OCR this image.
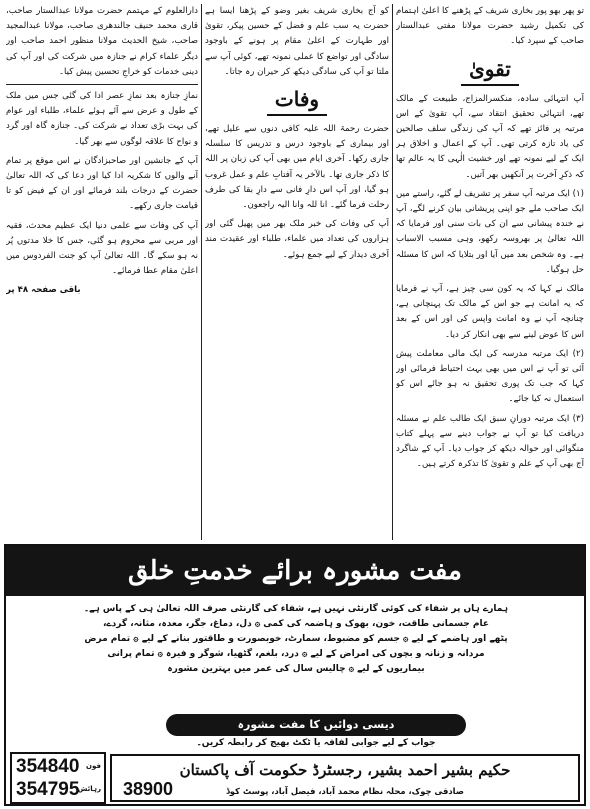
تو پھر بھو پور بخاری شریف کے پڑھنے کا اعلیٰ اہتمام کی تکمیل رشید حضرت مولانا مفتی عبدالستار صاحب کے سپرد کیا۔

تقویٰ

آپ انتہائی سادہ، منکسرالمزاج، طبیعت کے مالک تھے، انتہائی تحقیق انتقاد سے، آپ تقویٰ کے اس مرتبہ پر فائز تھے کہ آپ کی زندگی سلف صالحین کی یاد تازہ کرتی تھی۔ آپ کے اعمال و اخلاق ہر ایک کے لیے نمونہ تھے اور خشیت الٰہی کا یہ عالم تھا کہ ذکرِ آخرت پر آنکھیں بھر آتیں۔

(۱) ایک مرتبہ آپ سفر پر تشریف لے گئے، راستے میں ایک صاحب ملے جو اپنی پریشانی بیان کرنے لگے، آپ نے خندہ پیشانی سے ان کی بات سنی اور فرمایا کہ اللہ تعالیٰ پر بھروسہ رکھو، وہی مسبب الاسباب ہے۔ وہ شخص بعد میں آیا اور بتلایا کہ اس کا مسئلہ حل ہوگیا۔

مالک نے کہا کہ یہ کون سی چیز ہے، آپ نے فرمایا کہ یہ امانت ہے جو اس کے مالک تک پہنچانی ہے، چنانچہ آپ نے وہ امانت واپس کی اور اس کے بعد اس کا عوض لینے سے بھی انکار کر دیا۔

(۲) ایک مرتبہ مدرسہ کی ایک مالی معاملت پیش آئی تو آپ نے اس میں بھی بہت احتیاط فرمائی اور کہا کہ جب تک پوری تحقیق نہ ہو جائے اس کو استعمال نہ کیا جائے۔

(۳) ایک مرتبہ دورانِ سبق ایک طالب علم نے مسئلہ دریافت کیا تو آپ نے جواب دینے سے پہلے کتاب منگوائی اور حوالہ دیکھ کر جواب دیا۔ آپ کے شاگرد آج بھی آپ کے علم و تقویٰ کا تذکرہ کرتے ہیں۔

کو آج بخاری شریف بغیر وضو کے پڑھنا ایسا ہے حضرت یہ سب علم و فضل کے حسین پیکر، تقویٰ اور طہارت کے اعلیٰ مقام پر ہونے کے باوجود سادگی اور تواضع کا عملی نمونہ تھے، کوئی آپ سے ملتا تو آپ کی سادگی دیکھ کر حیران رہ جاتا۔

وفات

حضرت رحمۃ اللہ علیہ کافی دنوں سے علیل تھے، اور بیماری کے باوجود درس و تدریس کا سلسلہ جاری رکھا۔ آخری ایام میں بھی آپ کی زبان پر اللہ کا ذکر جاری تھا۔ بالآخر یہ آفتابِ علم و عمل غروب ہو گیا، اور آپ اس دارِ فانی سے دارِ بقا کی طرف رحلت فرما گئے۔ انا للہ وانا الیہ راجعون۔

آپ کی وفات کی خبر ملک بھر میں پھیل گئی اور ہزاروں کی تعداد میں علماء، طلباء اور عقیدت مند آخری دیدار کے لیے جمع ہوئے۔

دارالعلوم کے مہتمم حضرت مولانا عبدالستار صاحب، قاری محمد حنیف جالندھری صاحب، مولانا عبدالمجید صاحب، شیخ الحدیث مولانا منظور احمد صاحب اور دیگر علماء کرام نے جنازہ میں شرکت کی اور آپ کی دینی خدمات کو خراجِ تحسین پیش کیا۔

نمازِ جنازہ بعد نمازِ عصر ادا کی گئی جس میں ملک کے طول و عرض سے آئے ہوئے علماء، طلباء اور عوام کی بہت بڑی تعداد نے شرکت کی۔ جنازہ گاہ اور گرد و نواح کا علاقہ لوگوں سے بھر گیا۔

آپ کے جانشین اور صاحبزادگان نے اس موقع پر تمام آنے والوں کا شکریہ ادا کیا اور دعا کی کہ اللہ تعالیٰ حضرت کے درجات بلند فرمائے اور ان کے فیض کو تا قیامت جاری رکھے۔

آپ کی وفات سے علمی دنیا ایک عظیم محدث، فقیہ اور مربی سے محروم ہو گئی، جس کا خلا مدتوں پُر نہ ہو سکے گا۔ اللہ تعالیٰ آپ کو جنت الفردوس میں اعلیٰ مقام عطا فرمائے۔

باقی صفحہ ۴۸ پر

مفت مشورہ برائے خدمتِ خلق

ہمارے ہاں پر شفاء کی کوئی گارنٹی نہیں ہے، شفاء کی گارنٹی صرف اللہ تعالیٰ ہی کے پاس ہے۔

عام جسمانی طاقت، خون، بھوک و ہاضمہ کی کمی ۞ دل، دماغ، جگر، معدہ، مثانہ، گردے،

پٹھے اور ہاضمے کے لیے ۞ جسم کو مضبوط، سمارٹ، خوبصورت و طاقتور بنانے کے لیے ۞ تمام مرض

مردانہ و زنانہ و بچوں کی امراض کے لیے ۞ درد، بلغم، گٹھیا، شوگر و فیرہ ۞ تمام پرانی

بیماریوں کے لیے ۞ چالیس سال کی عمر میں بہترین مشورہ

دیسی دوائیں کا مفت مشورہ
جواب کے لیے جوابی لفافہ یا ٹکٹ بھیج کر رابطہ کریں۔

حکیم بشیر احمد بشیر، رجسٹرڈ حکومت آف پاکستان

صادقی چوک، محلہ نظام محمد آباد، فیصل آباد، پوسٹ کوڈ

38900
354840 فون
354795
رہائش
